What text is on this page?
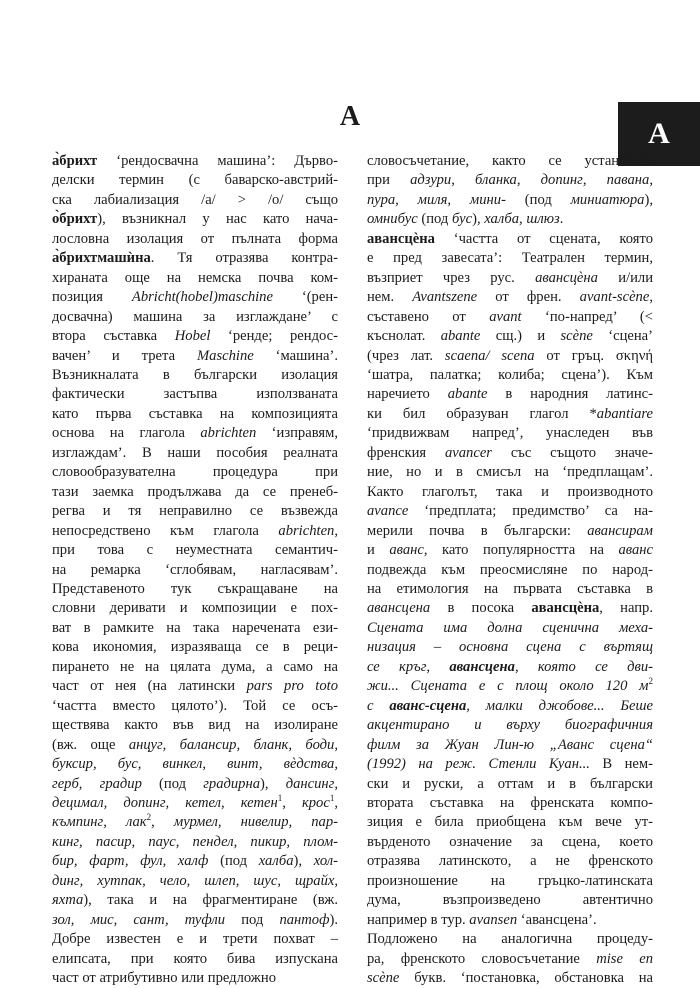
А
А
а̀брихт ‘рендосвачна машина’: Дърво-
делски термин (с баварско-австрий-
ска лабиализация /a/ > /o/ също
о̀брихт), възникнал у нас като нача-
лословна изолация от пълната форма
а̀брихтмашѝна. Тя отразява контра-
хираната още на немска почва ком-
позиция Abricht(hobel)maschine ‘(рен-
досвачна) машина за изглаждане’ с
втора съставка Hobel ‘ренде; рендос-
вачен’ и трета Maschine ‘машина’.
Възникналата в български изолация
фактически застъпва използваната
като първа съставка на композицията
основа на глагола abrichten ‘изправям,
изглаждам’. В наши пособия реалната
словообразувателна процедура при
тази заемка продължава да се пренеб-
регва и тя неправилно се възвежда
непосредствено към глагола abrichten,
при това с неуместната семантич-
на ремарка ‘сглобявам, нагласявам’.
Представеното тук съкращаване на
словни деривати и композиции е пох-
ват в рамките на така наречената ези-
кова икономия, изразяваща се в реци-
пирането не на цялата дума, а само на
част от нея (на латински pars pro toto
‘частта вместо цялото’). Той се осъ-
ществява както във вид на изолиране
(вж. още анцуг, балансир, бланк, боди,
буксир, бус, винкел, винт, вѐдства,
герб, градир (под градирна), дансинг,
децимал, допинг, кетел, кетен$^1$, крос$^1$,
къмпинг, лак$^2$, мурмел, нивелир, пар-
кинг, пасир, паус, пендел, пикир, плом-
бир, фарт, фул, халф (под халба), хол-
динг, хутпак, чело, шлеп, шус, щрайх,
яхта), така и на фрагментиране (вж.
зол, мис, сант, туфли под пантоф).
Добре известен е и трети похват –
елипсата, при която бива изпускана
част от атрибутивно или предложно
словосъчетание, както се установява
при адзури, бланка, допинг, павана,
пура, миля, мини- (под миниатюра),
омнибус (под бус), халба, шлюз.
авансцѐна ‘частта от сцената, която
е пред завесата’: Театрален термин,
възприет чрез рус. авансцѐна и/или
нем. Avantszene от френ. avant-scène,
съставено от avant ‘по-напред’ (<
къснолат. abante сщ.) и scène ‘сцена’
(чрез лат. scaena/ scena от гръц. σκηνή
‘шатра, палатка; колиба; сцена’). Към
наречието abante в народния латинс-
ки бил образуван глагол *abantiare
‘придвижвам напред’, унаследен във
френския avancer със същото значе-
ние, но и в смисъл на ‘предплащам’.
Както глаголът, така и производното
avance ‘предплата; предимство’ са на-
мерили почва в български: авансирам
и аванс, като популярността на аванс
подвежда към преосмисляне по народ-
на етимология на първата съставка в
авансцена в посока авансцѐна, напр.
Сцената има долна сценична меха-
низация – основна сцена с въртящ
се кръг, авансцена, която се дви-
жи... Сцената е с площ около 120 $м^2$
с аванс-сцена, малки джобове... Беше
акцентирано и върху биографичния
филм за Жуан Лин-ю „Аванс сцена“
(1992) на реж. Стенли Куан... В нем-
ски и руски, а оттам и в български
втората съставка на френската компо-
зиция е била приобщена към вече ут-
върденото означение за сцена, което
отразява латинското, а не френското
произношение на гръцко-латинската
дума, възпроизведено автентично
например в тур. avansen ‘авансцена’.
Подложено на аналогична процеду-
ра, френското словосъчетание mise en
scène букв. ‘постановка, обстановка на
